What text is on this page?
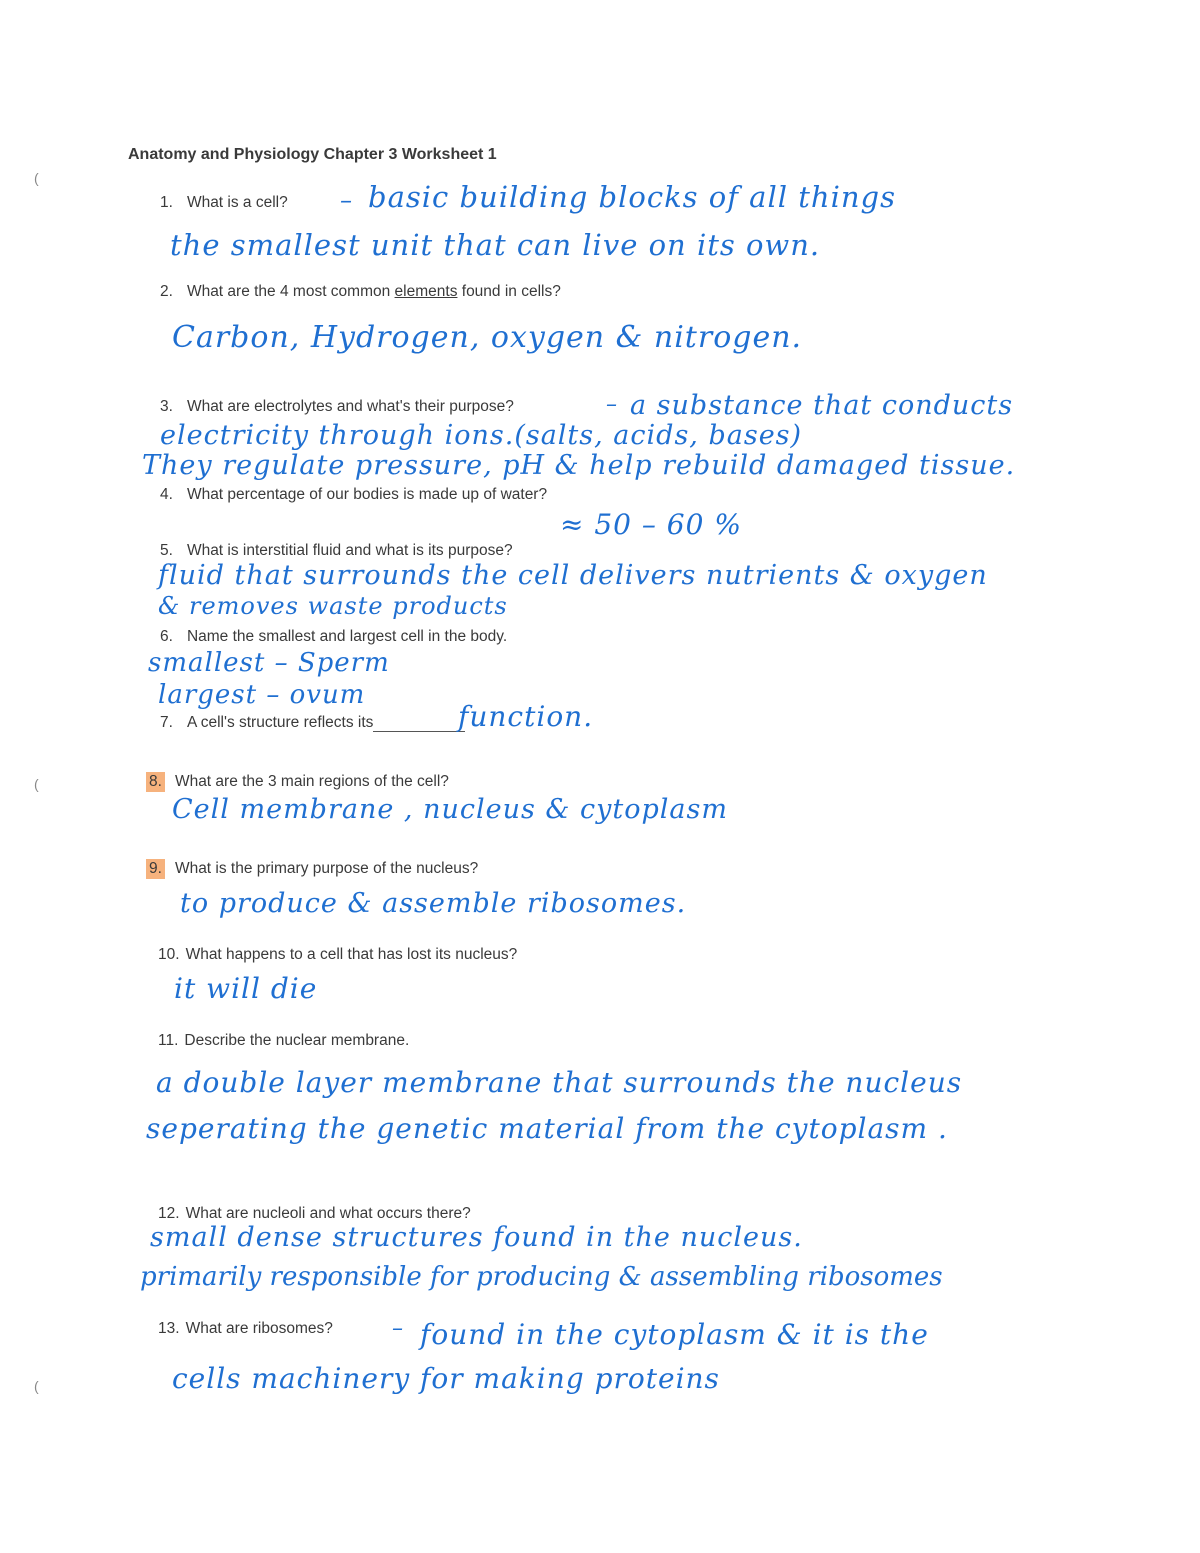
Anatomy and Physiology Chapter 3 Worksheet 1
1. What is a cell? – basic building blocks of all things
the smallest unit that can live on its own.
2. What are the 4 most common elements found in cells?
Carbon, Hydrogen, oxygen & nitrogen.
3. What are electrolytes and what's their purpose?	– a substance that conducts
electricity through ions.(salts, acids, bases)
They regulate pressure, pH & help rebuild damaged tissue.
4. What percentage of our bodies is made up of water?
≈ 50 – 60 %
5. What is interstitial fluid and what is its purpose?
fluid that surrounds the cell delivers nutrients & oxygen
& removes waste products
6. Name the smallest and largest cell in the body.
smallest – Sperm
largest – ovum
7. A cell's structure reflects its	function.
8. What are the 3 main regions of the cell?
Cell membrane , nucleus & cytoplasm
9. What is the primary purpose of the nucleus?
to produce & assemble ribosomes.
10. What happens to a cell that has lost its nucleus?
it will die
11. Describe the nuclear membrane.
a double layer membrane that surrounds the nucleus
seperating the genetic material from the cytoplasm .
12. What are nucleoli and what occurs there?
small dense structures found in the nucleus.
primarily responsible for producing & assembling ribosomes
13. What are ribosomes?	– found in the cytoplasm & it is the
cells machinery for making proteins
(
(
(
